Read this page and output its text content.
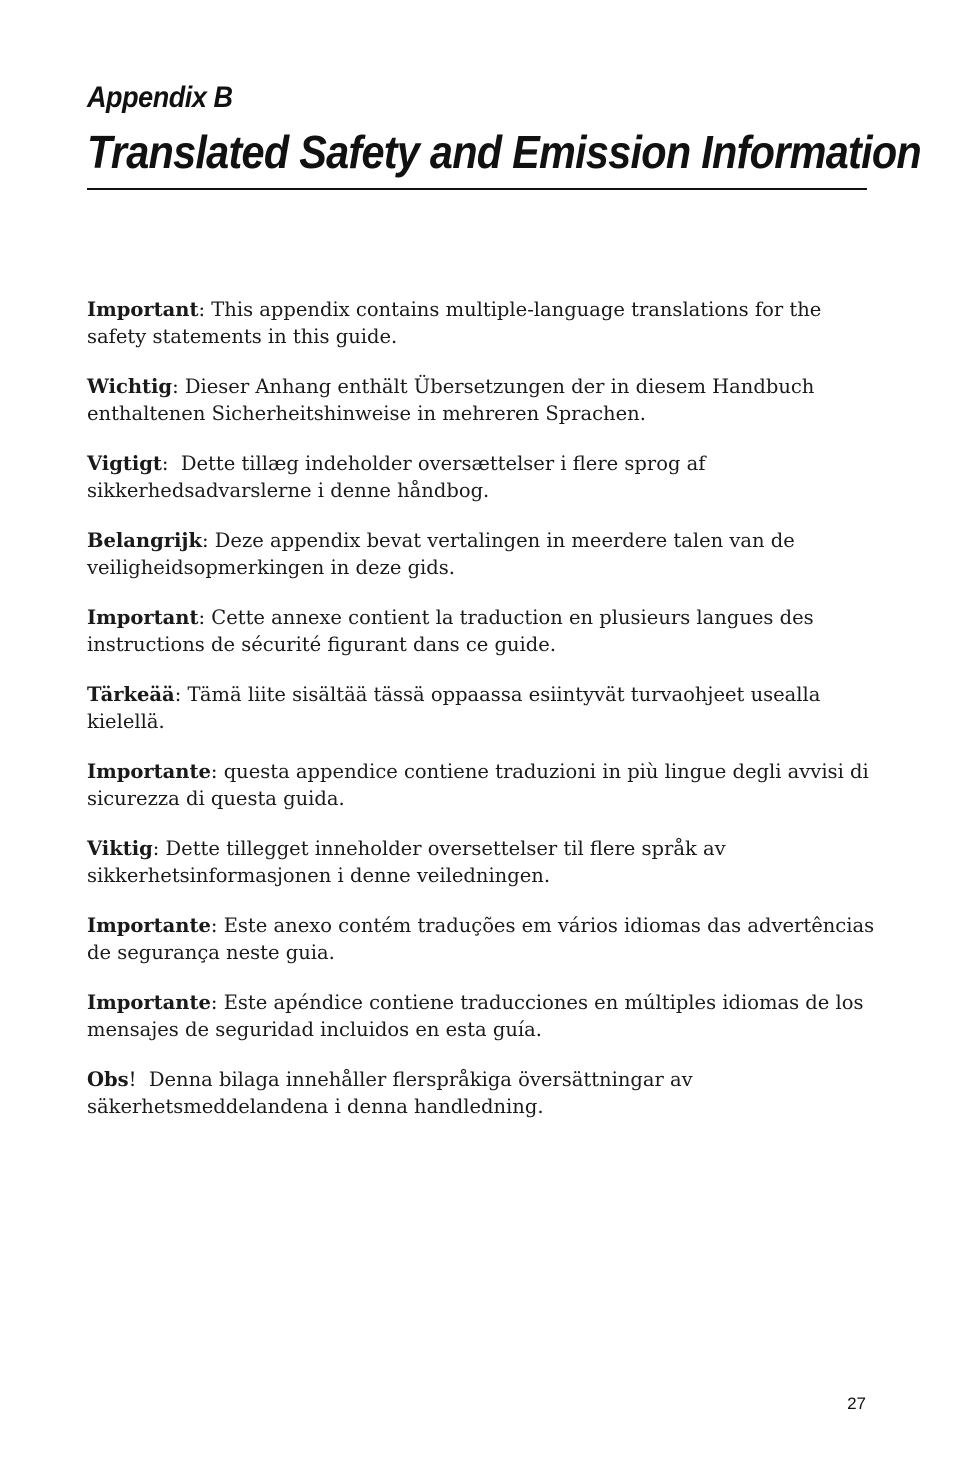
Appendix B
Translated Safety and Emission Information

Important: This appendix contains multiple-language translations for the safety statements in this guide.

Wichtig: Dieser Anhang enthält Übersetzungen der in diesem Handbuch enthaltenen Sicherheitshinweise in mehreren Sprachen.

Vigtigt:  Dette tillæg indeholder oversættelser i flere sprog af sikkerhedsadvarslerne i denne håndbog.

Belangrijk: Deze appendix bevat vertalingen in meerdere talen van de veiligheidsopmerkingen in deze gids.

Important: Cette annexe contient la traduction en plusieurs langues des instructions de sécurité figurant dans ce guide.

Tärkeää: Tämä liite sisältää tässä oppaassa esiintyvät turvaohjeet usealla kielellä.

Importante: questa appendice contiene traduzioni in più lingue degli avvisi di sicurezza di questa guida.

Viktig: Dette tillegget inneholder oversettelser til flere språk av sikkerhetsinformasjonen i denne veiledningen.

Importante: Este anexo contém traduções em vários idiomas das advertências de segurança neste guia.

Importante: Este apéndice contiene traducciones en múltiples idiomas de los mensajes de seguridad incluidos en esta guía.

Obs!  Denna bilaga innehåller flerspråkiga översättningar av säkerhetsmeddelandena i denna handledning.

27
